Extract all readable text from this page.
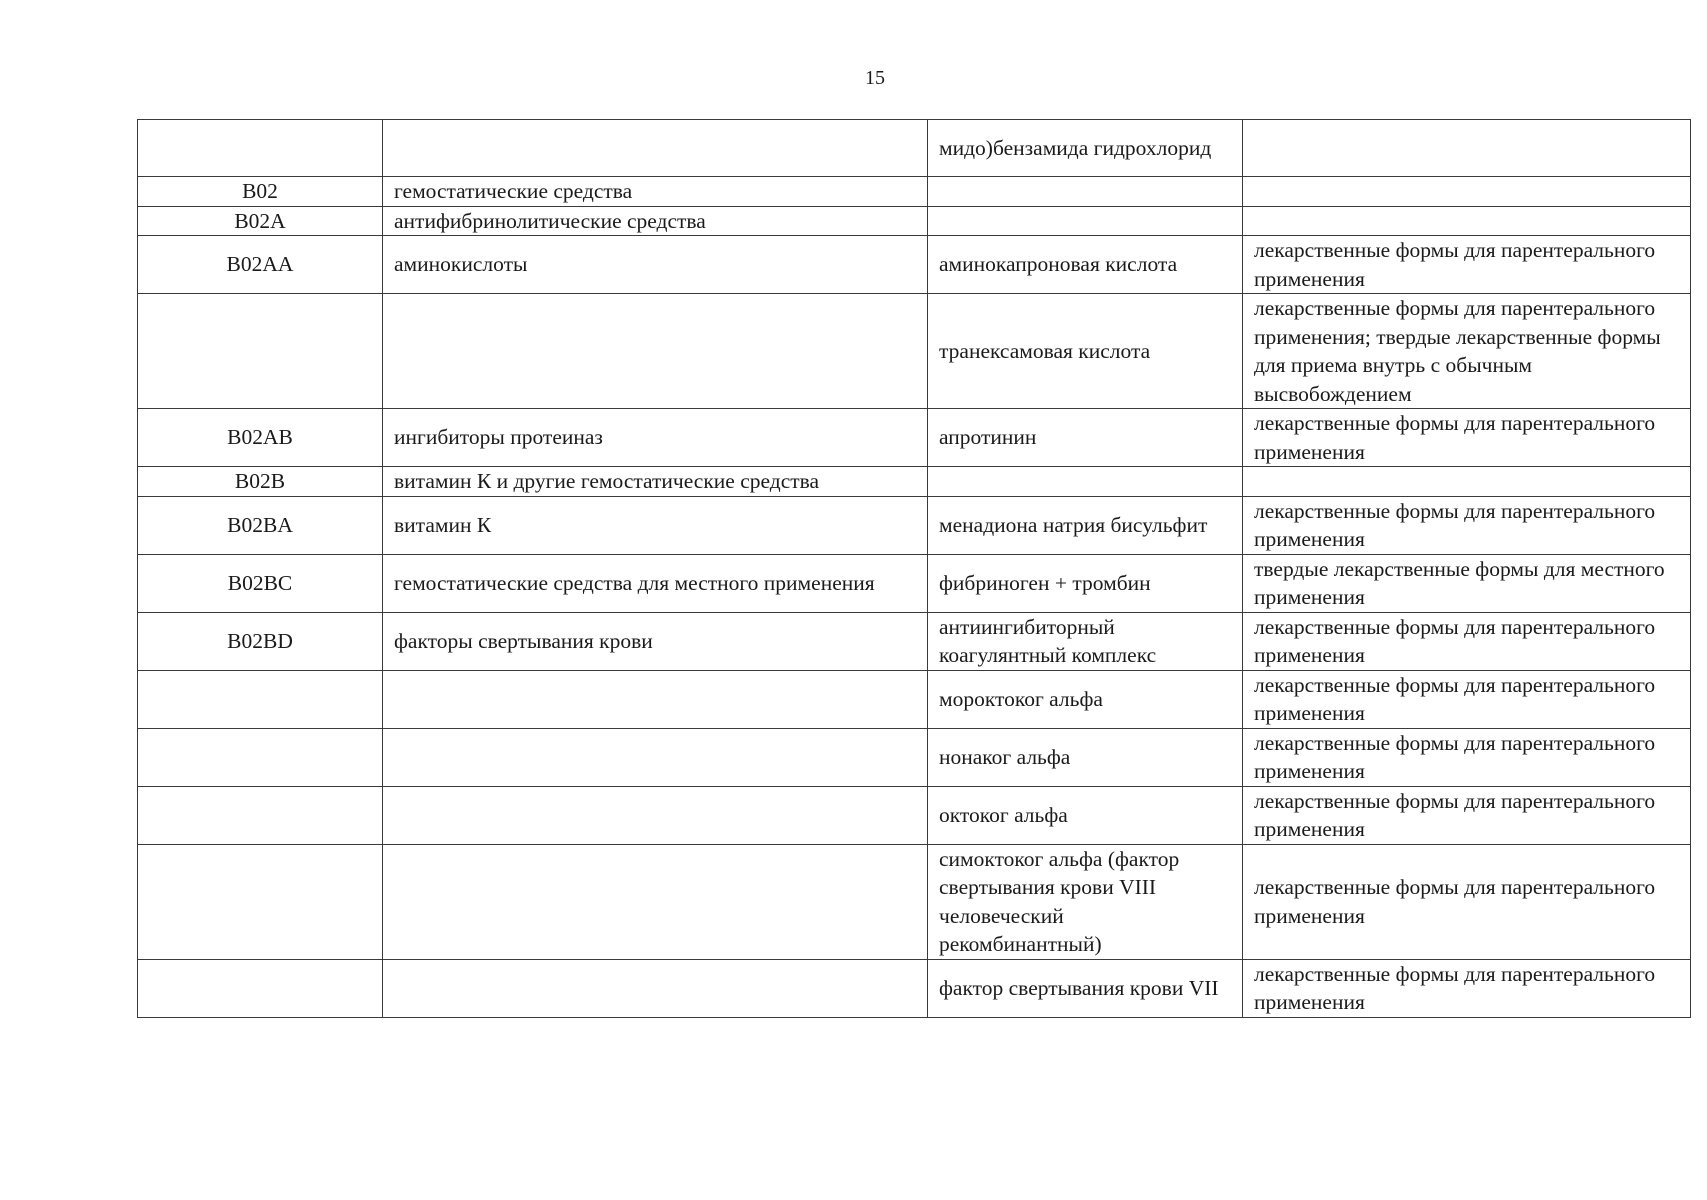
15
		мидо)бензамида гидрохлорид	
B02	гемостатические средства		
B02A	антифибринолитические средства		
B02AA	аминокислоты	аминокапроновая кислота	лекарственные формы для парентерального применения
		транексамовая кислота	лекарственные формы для парентерального применения; твердые лекарственные формы для приема внутрь с обычным высвобождением
B02AB	ингибиторы протеиназ	апротинин	лекарственные формы для парентерального применения
B02B	витамин К и другие гемостатические средства		
B02BA	витамин К	менадиона натрия бисульфит	лекарственные формы для парентерального применения
B02BC	гемостатические средства для местного применения	фибриноген + тромбин	твердые лекарственные формы для местного применения
B02BD	факторы свертывания крови	антиингибиторный коагулянтный комплекс	лекарственные формы для парентерального применения
		мороктоког альфа	лекарственные формы для парентерального применения
		нонаког альфа	лекарственные формы для парентерального применения
		октоког альфа	лекарственные формы для парентерального применения
		симоктоког альфа (фактор свертывания крови VIII человеческий рекомбинантный)	лекарственные формы для парентерального применения
		фактор свертывания крови VII	лекарственные формы для парентерального применения
